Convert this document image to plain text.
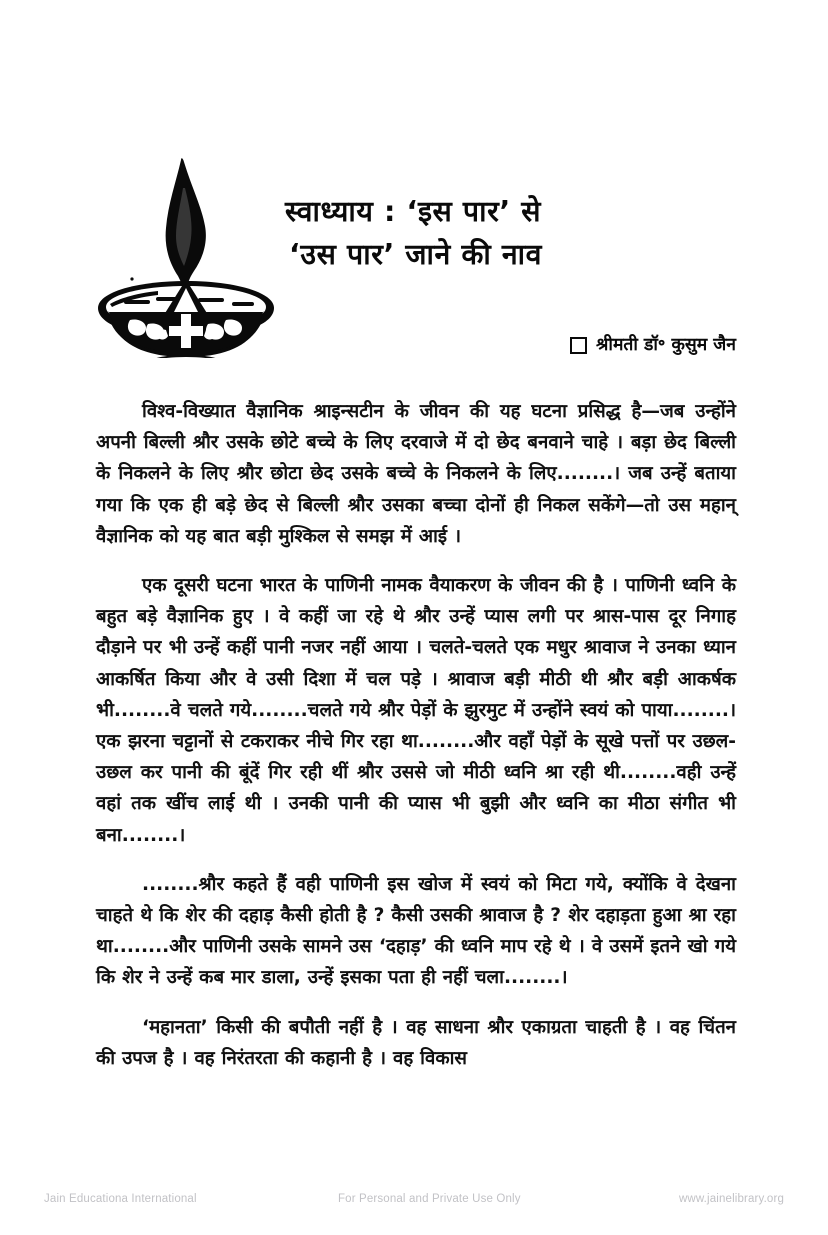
स्वाध्याय : ‘इस पार’ से
‘उस पार’ जाने की नाव
श्रीमती डॉ॰ कुसुम जैन

विश्व-विख्यात वैज्ञानिक श्राइन्सटीन के जीवन की यह घटना प्रसिद्ध है—जब उन्होंने अपनी बिल्ली श्रौर उसके छोटे बच्चे के लिए दरवाजे में दो छेद बनवाने चाहे । बड़ा छेद बिल्ली के निकलने के लिए श्रौर छोटा छेद उसके बच्चे के निकलने के लिए........। जब उन्हें बताया गया कि एक ही बड़े छेद से बिल्ली श्रौर उसका बच्चा दोनों ही निकल सकेंगे—तो उस महान् वैज्ञानिक को यह बात बड़ी मुश्किल से समझ में आई ।

एक दूसरी घटना भारत के पाणिनी नामक वैयाकरण के जीवन की है । पाणिनी ध्वनि के बहुत बड़े वैज्ञानिक हुए । वे कहीं जा रहे थे श्रौर उन्हें प्यास लगी पर श्रास-पास दूर निगाह दौड़ाने पर भी उन्हें कहीं पानी नजर नहीं आया । चलते-चलते एक मधुर श्रावाज ने उनका ध्यान आकर्षित किया और वे उसी दिशा में चल पड़े । श्रावाज बड़ी मीठी थी श्रौर बड़ी आकर्षक भी........वे चलते गये........चलते गये श्रौर पेड़ों के झुरमुट में उन्होंने स्वयं को पाया........। एक झरना चट्टानों से टकराकर नीचे गिर रहा था........और वहाँ पेड़ों के सूखे पत्तों पर उछल-उछल कर पानी की बूंदें गिर रही थीं श्रौर उससे जो मीठी ध्वनि श्रा रही थी........वही उन्हें वहां तक खींच लाई थी । उनकी पानी की प्यास भी बुझी और ध्वनि का मीठा संगीत भी बना........।

........श्रौर कहते हैं वही पाणिनी इस खोज में स्वयं को मिटा गये, क्योंकि वे देखना चाहते थे कि शेर की दहाड़ कैसी होती है ? कैसी उसकी श्रावाज है ? शेर दहाड़ता हुआ श्रा रहा था........और पाणिनी उसके सामने उस ‘दहाड़’ की ध्वनि माप रहे थे । वे उसमें इतने खो गये कि शेर ने उन्हें कब मार डाला, उन्हें इसका पता ही नहीं चला........।

‘महानता’ किसी की बपौती नहीं है । वह साधना श्रौर एकाग्रता चाहती है । वह चिंतन की उपज है । वह निरंतरता की कहानी है । वह विकास

Jain Educationa International	For Personal and Private Use Only	www.jainelibrary.org
